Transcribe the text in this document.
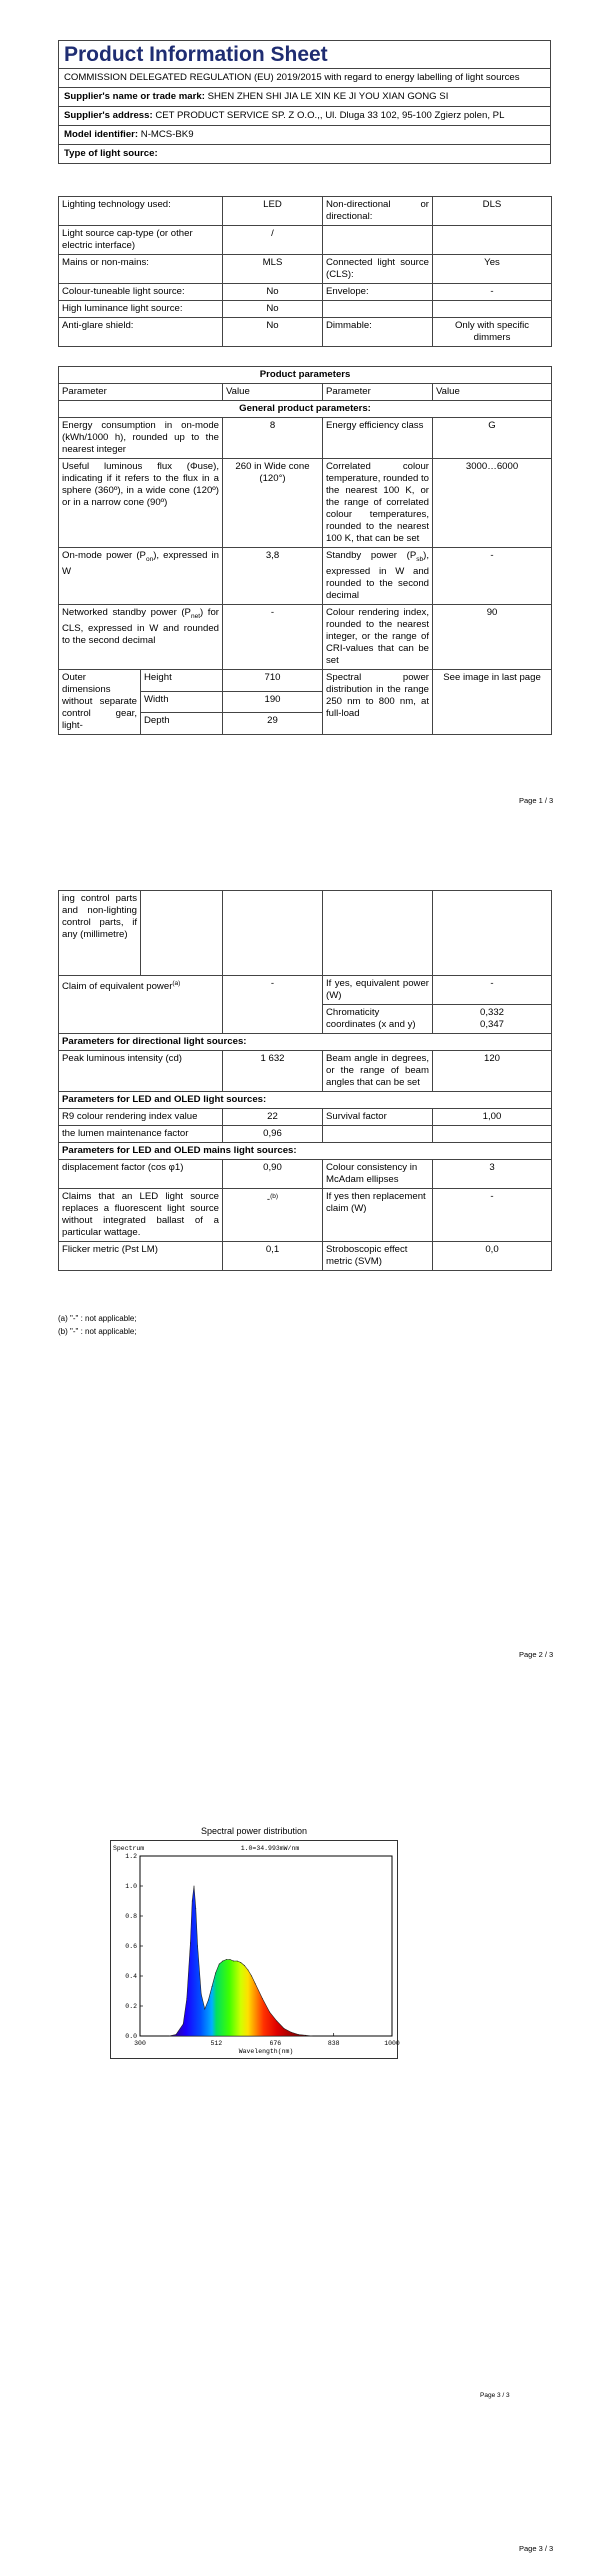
Product Information Sheet
COMMISSION DELEGATED REGULATION (EU) 2019/2015 with regard to energy labelling of light sources
Supplier's name or trade mark: SHEN ZHEN SHI JIA LE XIN KE JI YOU XIAN GONG SI
Supplier's address: CET PRODUCT SERVICE SP. Z O.O.,, Ul. Dluga 33 102, 95-100 Zgierz polen, PL
Model identifier: N-MCS-BK9
Type of light source:
Lighting technology used:	LED	Non-directional or directional:	DLS
Light source cap-type (or other electric interface)	/		
Mains or non-mains:	MLS	Connected light source (CLS):	Yes
Colour-tuneable light source:	No	Envelope:	-
High luminance light source:	No		
Anti-glare shield:	No	Dimmable:	Only with specific dimmers
Product parameters				
Parameter		Value	Parameter	Value
General product parameters:				
Energy consumption in on-mode (kWh/1000 h), rounded up to the nearest integer		8	Energy efficiency class	G
Useful luminous flux (Φuse), indicating if it refers to the flux in a sphere (360º), in a wide cone (120º) or in a narrow cone (90º)		260 in Wide cone (120°)	Correlated colour temperature, rounded to the nearest 100 K, or the range of correlated colour temperatures, rounded to the nearest 100 K, that can be set	3000…6000
On-mode power $(P_{on})$, expressed in W		3,8	Standby power $(P_{sb})$, expressed in W and rounded to the second decimal	-
Networked standby power $(P_{net})$ for CLS, expressed in W and rounded to the second decimal		-	Colour rendering index, rounded to the nearest integer, or the range of CRI-values that can be set	90
Outer dimensions without separate control gear, light-	Height	710	Spectral power distribution in the range 250 nm to 800 nm, at full-load	See image in last page
	Width	190		
	Depth	29		
Page 1 / 3
ing control parts and non-lighting control parts, if any (millimetre)				
Claim of equivalent power$^{(a)}$		-	If yes, equivalent power (W)	-
			Chromaticity coordinates (x and y)	0,332
0,347

Parameters for directional light sources:				
Peak luminous intensity (cd)		1 632	Beam angle in degrees, or the range of beam angles that can be set	120
Parameters for LED and OLED light sources:				
R9 colour rendering index value		22	Survival factor	1,00
the lumen maintenance factor		0,96		
Parameters for LED and OLED mains light sources:				
displacement factor (cos φ1)		0,90	Colour consistency in McAdam ellipses	3
Claims that an LED light source replaces a fluorescent light source without integrated ballast of a particular wattage.		-$^{(b)}$	If yes then replacement claim (W)	-
Flicker metric (Pst LM)		0,1	Stroboscopic effect metric (SVM)	0,0
(a) "-" : not applicable;
(b) "-" : not applicable;
Page 2 / 3
Spectral power distribution
Spectrum	1.0=34.993mW/nm
0.0
0.2
0.4
0.6
0.8
1.0
1.2
300	512	676	838	1000
Wavelength(nm)
Page 3 / 3
Page 3 / 3
